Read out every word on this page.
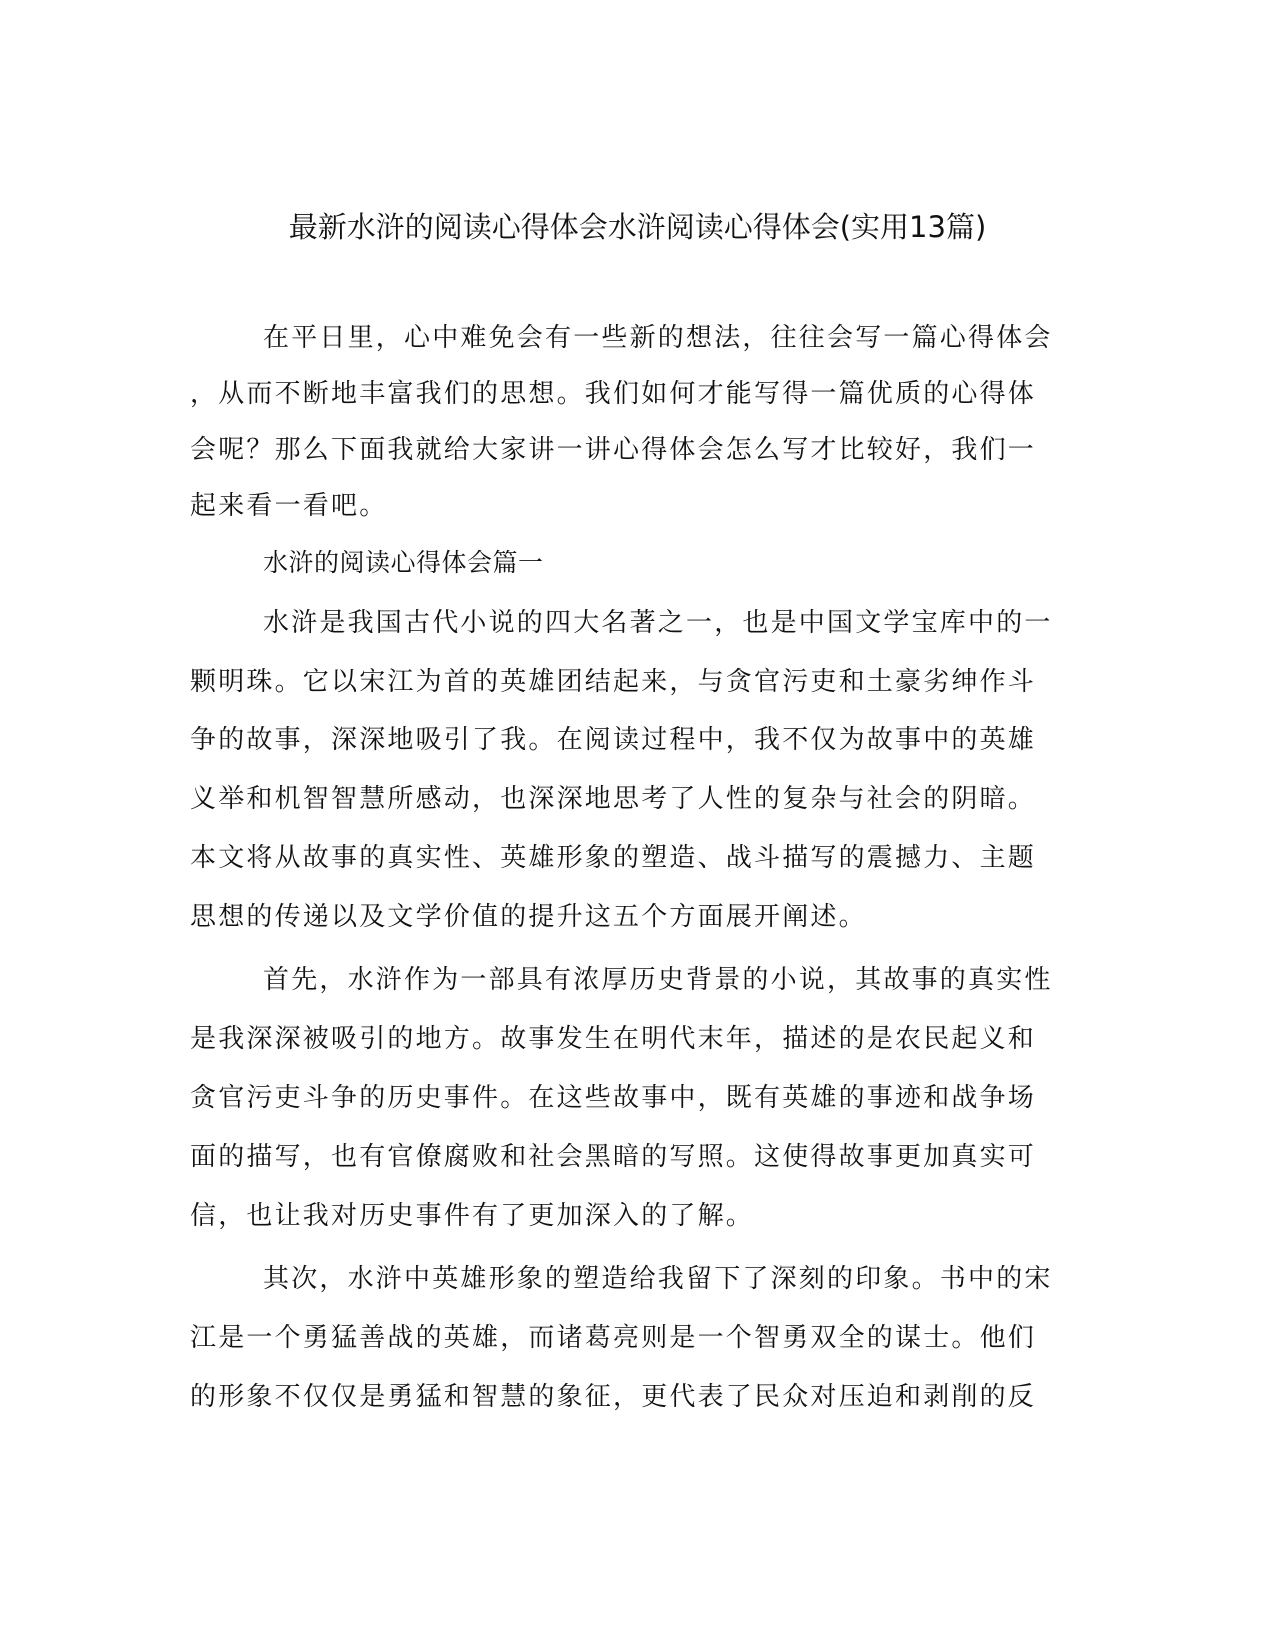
最新水浒的阅读心得体会水浒阅读心得体会(实用13篇)
在平日里，心中难免会有一些新的想法，往往会写一篇心得体会
，从而不断地丰富我们的思想。我们如何才能写得一篇优质的心得体
会呢？那么下面我就给大家讲一讲心得体会怎么写才比较好，我们一
起来看一看吧。
水浒的阅读心得体会篇一
水浒是我国古代小说的四大名著之一，也是中国文学宝库中的一
颗明珠。它以宋江为首的英雄团结起来，与贪官污吏和土豪劣绅作斗
争的故事，深深地吸引了我。在阅读过程中，我不仅为故事中的英雄
义举和机智智慧所感动，也深深地思考了人性的复杂与社会的阴暗。
本文将从故事的真实性、英雄形象的塑造、战斗描写的震撼力、主题
思想的传递以及文学价值的提升这五个方面展开阐述。
首先，水浒作为一部具有浓厚历史背景的小说，其故事的真实性
是我深深被吸引的地方。故事发生在明代末年，描述的是农民起义和
贪官污吏斗争的历史事件。在这些故事中，既有英雄的事迹和战争场
面的描写，也有官僚腐败和社会黑暗的写照。这使得故事更加真实可
信，也让我对历史事件有了更加深入的了解。
其次，水浒中英雄形象的塑造给我留下了深刻的印象。书中的宋
江是一个勇猛善战的英雄，而诸葛亮则是一个智勇双全的谋士。他们
的形象不仅仅是勇猛和智慧的象征，更代表了民众对压迫和剥削的反
